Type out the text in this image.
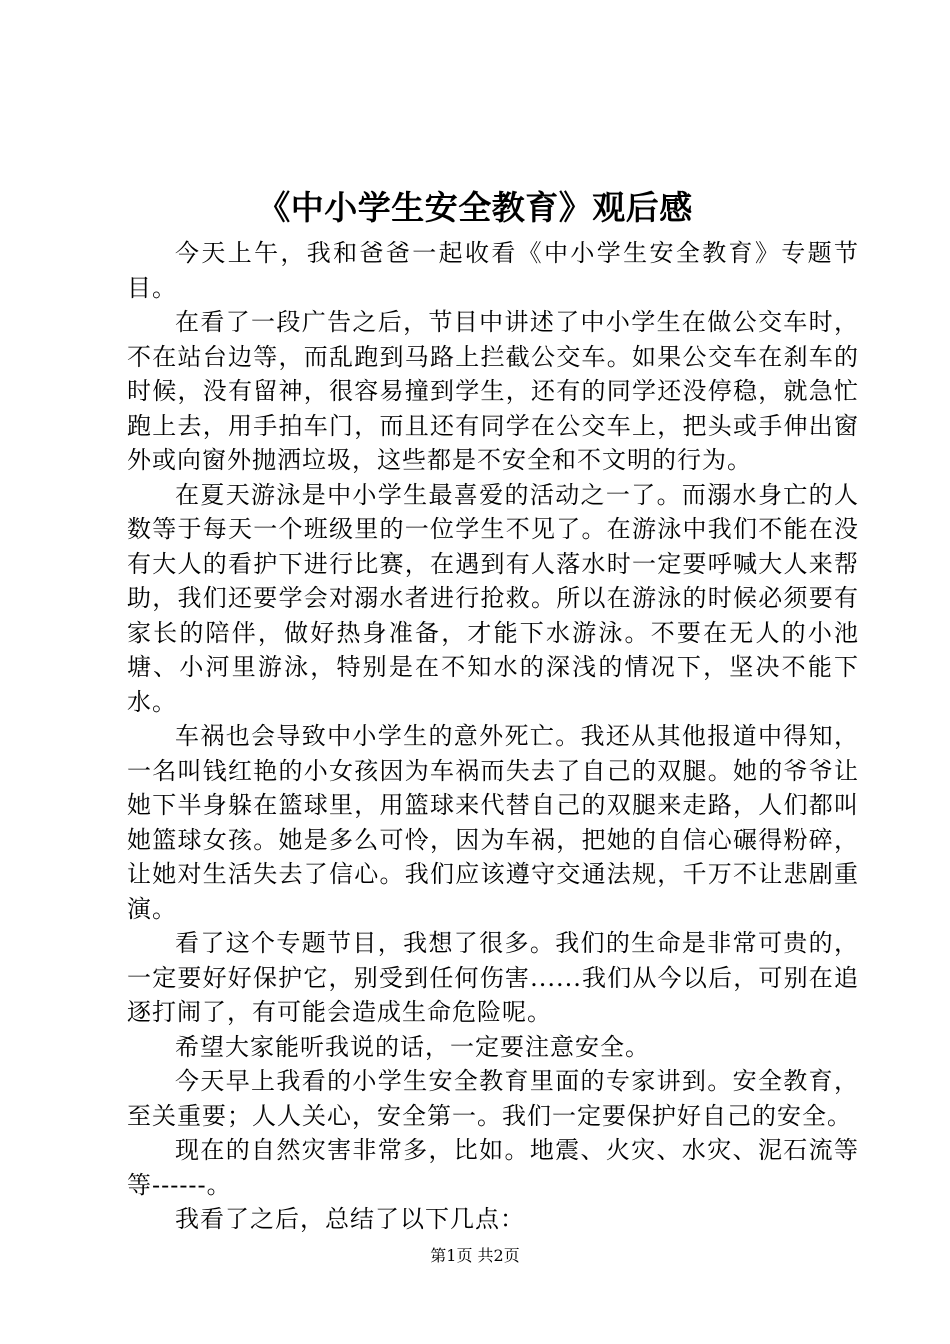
《中小学生安全教育》观后感

今天上午，我和爸爸一起收看《中小学生安全教育》专题节目。

在看了一段广告之后，节目中讲述了中小学生在做公交车时，不在站台边等，而乱跑到马路上拦截公交车。如果公交车在刹车的时候，没有留神，很容易撞到学生，还有的同学还没停稳，就急忙跑上去，用手拍车门，而且还有同学在公交车上，把头或手伸出窗外或向窗外抛洒垃圾，这些都是不安全和不文明的行为。

在夏天游泳是中小学生最喜爱的活动之一了。而溺水身亡的人数等于每天一个班级里的一位学生不见了。在游泳中我们不能在没有大人的看护下进行比赛，在遇到有人落水时一定要呼喊大人来帮助，我们还要学会对溺水者进行抢救。所以在游泳的时候必须要有家长的陪伴，做好热身准备，才能下水游泳。不要在无人的小池塘、小河里游泳，特别是在不知水的深浅的情况下，坚决不能下水。

车祸也会导致中小学生的意外死亡。我还从其他报道中得知，一名叫钱红艳的小女孩因为车祸而失去了自己的双腿。她的爷爷让她下半身躲在篮球里，用篮球来代替自己的双腿来走路，人们都叫她篮球女孩。她是多么可怜，因为车祸，把她的自信心碾得粉碎，让她对生活失去了信心。我们应该遵守交通法规，千万不让悲剧重演。

看了这个专题节目，我想了很多。我们的生命是非常可贵的，一定要好好保护它，别受到任何伤害......我们从今以后，可别在追逐打闹了，有可能会造成生命危险呢。

希望大家能听我说的话，一定要注意安全。

今天早上我看的小学生安全教育里面的专家讲到。安全教育，至关重要；人人关心，安全第一。我们一定要保护好自己的安全。

现在的自然灾害非常多，比如。地震、火灾、水灾、泥石流等等------。

我看了之后，总结了以下几点：

第1页 共2页
